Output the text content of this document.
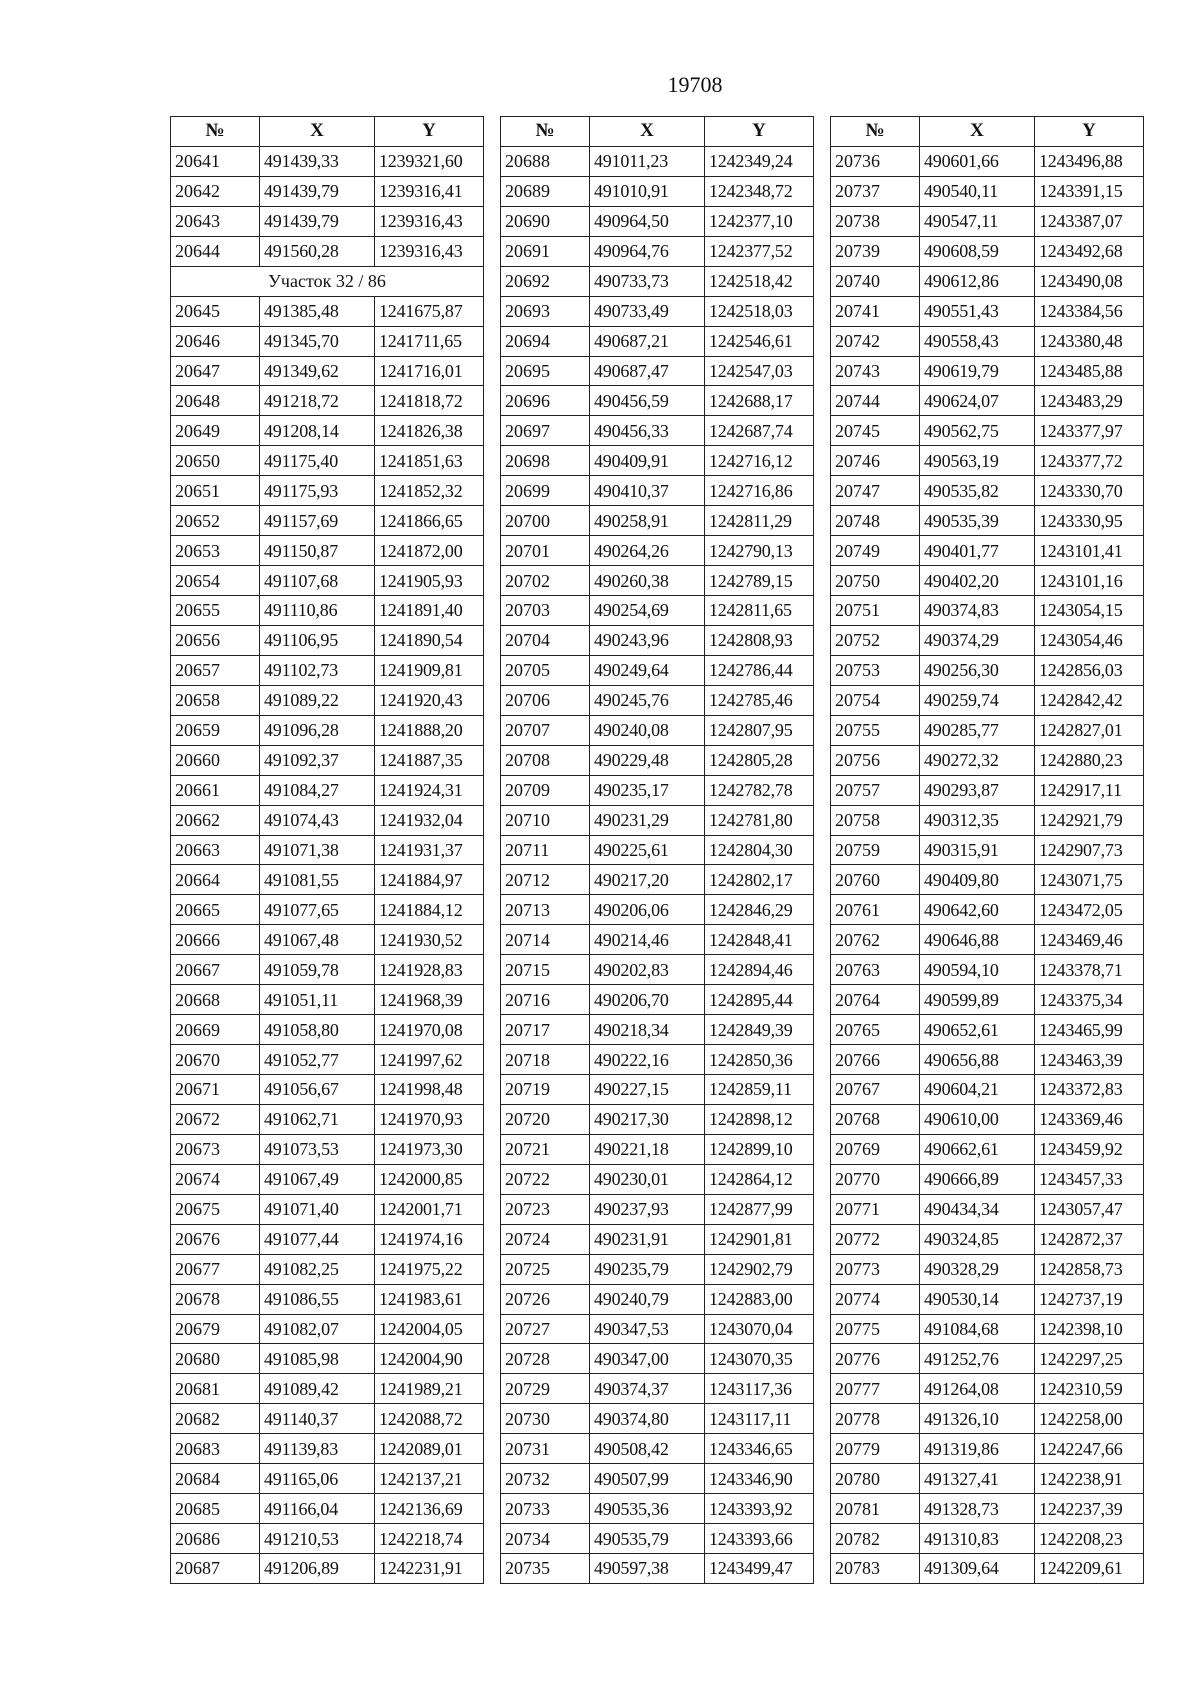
19708
№	X	Y
20641	491439,33	1239321,60
20642	491439,79	1239316,41
20643	491439,79	1239316,43
20644	491560,28	1239316,43
Участок 32 / 86		
20645	491385,48	1241675,87
20646	491345,70	1241711,65
20647	491349,62	1241716,01
20648	491218,72	1241818,72
20649	491208,14	1241826,38
20650	491175,40	1241851,63
20651	491175,93	1241852,32
20652	491157,69	1241866,65
20653	491150,87	1241872,00
20654	491107,68	1241905,93
20655	491110,86	1241891,40
20656	491106,95	1241890,54
20657	491102,73	1241909,81
20658	491089,22	1241920,43
20659	491096,28	1241888,20
20660	491092,37	1241887,35
20661	491084,27	1241924,31
20662	491074,43	1241932,04
20663	491071,38	1241931,37
20664	491081,55	1241884,97
20665	491077,65	1241884,12
20666	491067,48	1241930,52
20667	491059,78	1241928,83
20668	491051,11	1241968,39
20669	491058,80	1241970,08
20670	491052,77	1241997,62
20671	491056,67	1241998,48
20672	491062,71	1241970,93
20673	491073,53	1241973,30
20674	491067,49	1242000,85
20675	491071,40	1242001,71
20676	491077,44	1241974,16
20677	491082,25	1241975,22
20678	491086,55	1241983,61
20679	491082,07	1242004,05
20680	491085,98	1242004,90
20681	491089,42	1241989,21
20682	491140,37	1242088,72
20683	491139,83	1242089,01
20684	491165,06	1242137,21
20685	491166,04	1242136,69
20686	491210,53	1242218,74
20687	491206,89	1242231,91
№	X	Y
20688	491011,23	1242349,24
20689	491010,91	1242348,72
20690	490964,50	1242377,10
20691	490964,76	1242377,52
20692	490733,73	1242518,42
20693	490733,49	1242518,03
20694	490687,21	1242546,61
20695	490687,47	1242547,03
20696	490456,59	1242688,17
20697	490456,33	1242687,74
20698	490409,91	1242716,12
20699	490410,37	1242716,86
20700	490258,91	1242811,29
20701	490264,26	1242790,13
20702	490260,38	1242789,15
20703	490254,69	1242811,65
20704	490243,96	1242808,93
20705	490249,64	1242786,44
20706	490245,76	1242785,46
20707	490240,08	1242807,95
20708	490229,48	1242805,28
20709	490235,17	1242782,78
20710	490231,29	1242781,80
20711	490225,61	1242804,30
20712	490217,20	1242802,17
20713	490206,06	1242846,29
20714	490214,46	1242848,41
20715	490202,83	1242894,46
20716	490206,70	1242895,44
20717	490218,34	1242849,39
20718	490222,16	1242850,36
20719	490227,15	1242859,11
20720	490217,30	1242898,12
20721	490221,18	1242899,10
20722	490230,01	1242864,12
20723	490237,93	1242877,99
20724	490231,91	1242901,81
20725	490235,79	1242902,79
20726	490240,79	1242883,00
20727	490347,53	1243070,04
20728	490347,00	1243070,35
20729	490374,37	1243117,36
20730	490374,80	1243117,11
20731	490508,42	1243346,65
20732	490507,99	1243346,90
20733	490535,36	1243393,92
20734	490535,79	1243393,66
20735	490597,38	1243499,47
№	X	Y
20736	490601,66	1243496,88
20737	490540,11	1243391,15
20738	490547,11	1243387,07
20739	490608,59	1243492,68
20740	490612,86	1243490,08
20741	490551,43	1243384,56
20742	490558,43	1243380,48
20743	490619,79	1243485,88
20744	490624,07	1243483,29
20745	490562,75	1243377,97
20746	490563,19	1243377,72
20747	490535,82	1243330,70
20748	490535,39	1243330,95
20749	490401,77	1243101,41
20750	490402,20	1243101,16
20751	490374,83	1243054,15
20752	490374,29	1243054,46
20753	490256,30	1242856,03
20754	490259,74	1242842,42
20755	490285,77	1242827,01
20756	490272,32	1242880,23
20757	490293,87	1242917,11
20758	490312,35	1242921,79
20759	490315,91	1242907,73
20760	490409,80	1243071,75
20761	490642,60	1243472,05
20762	490646,88	1243469,46
20763	490594,10	1243378,71
20764	490599,89	1243375,34
20765	490652,61	1243465,99
20766	490656,88	1243463,39
20767	490604,21	1243372,83
20768	490610,00	1243369,46
20769	490662,61	1243459,92
20770	490666,89	1243457,33
20771	490434,34	1243057,47
20772	490324,85	1242872,37
20773	490328,29	1242858,73
20774	490530,14	1242737,19
20775	491084,68	1242398,10
20776	491252,76	1242297,25
20777	491264,08	1242310,59
20778	491326,10	1242258,00
20779	491319,86	1242247,66
20780	491327,41	1242238,91
20781	491328,73	1242237,39
20782	491310,83	1242208,23
20783	491309,64	1242209,61
